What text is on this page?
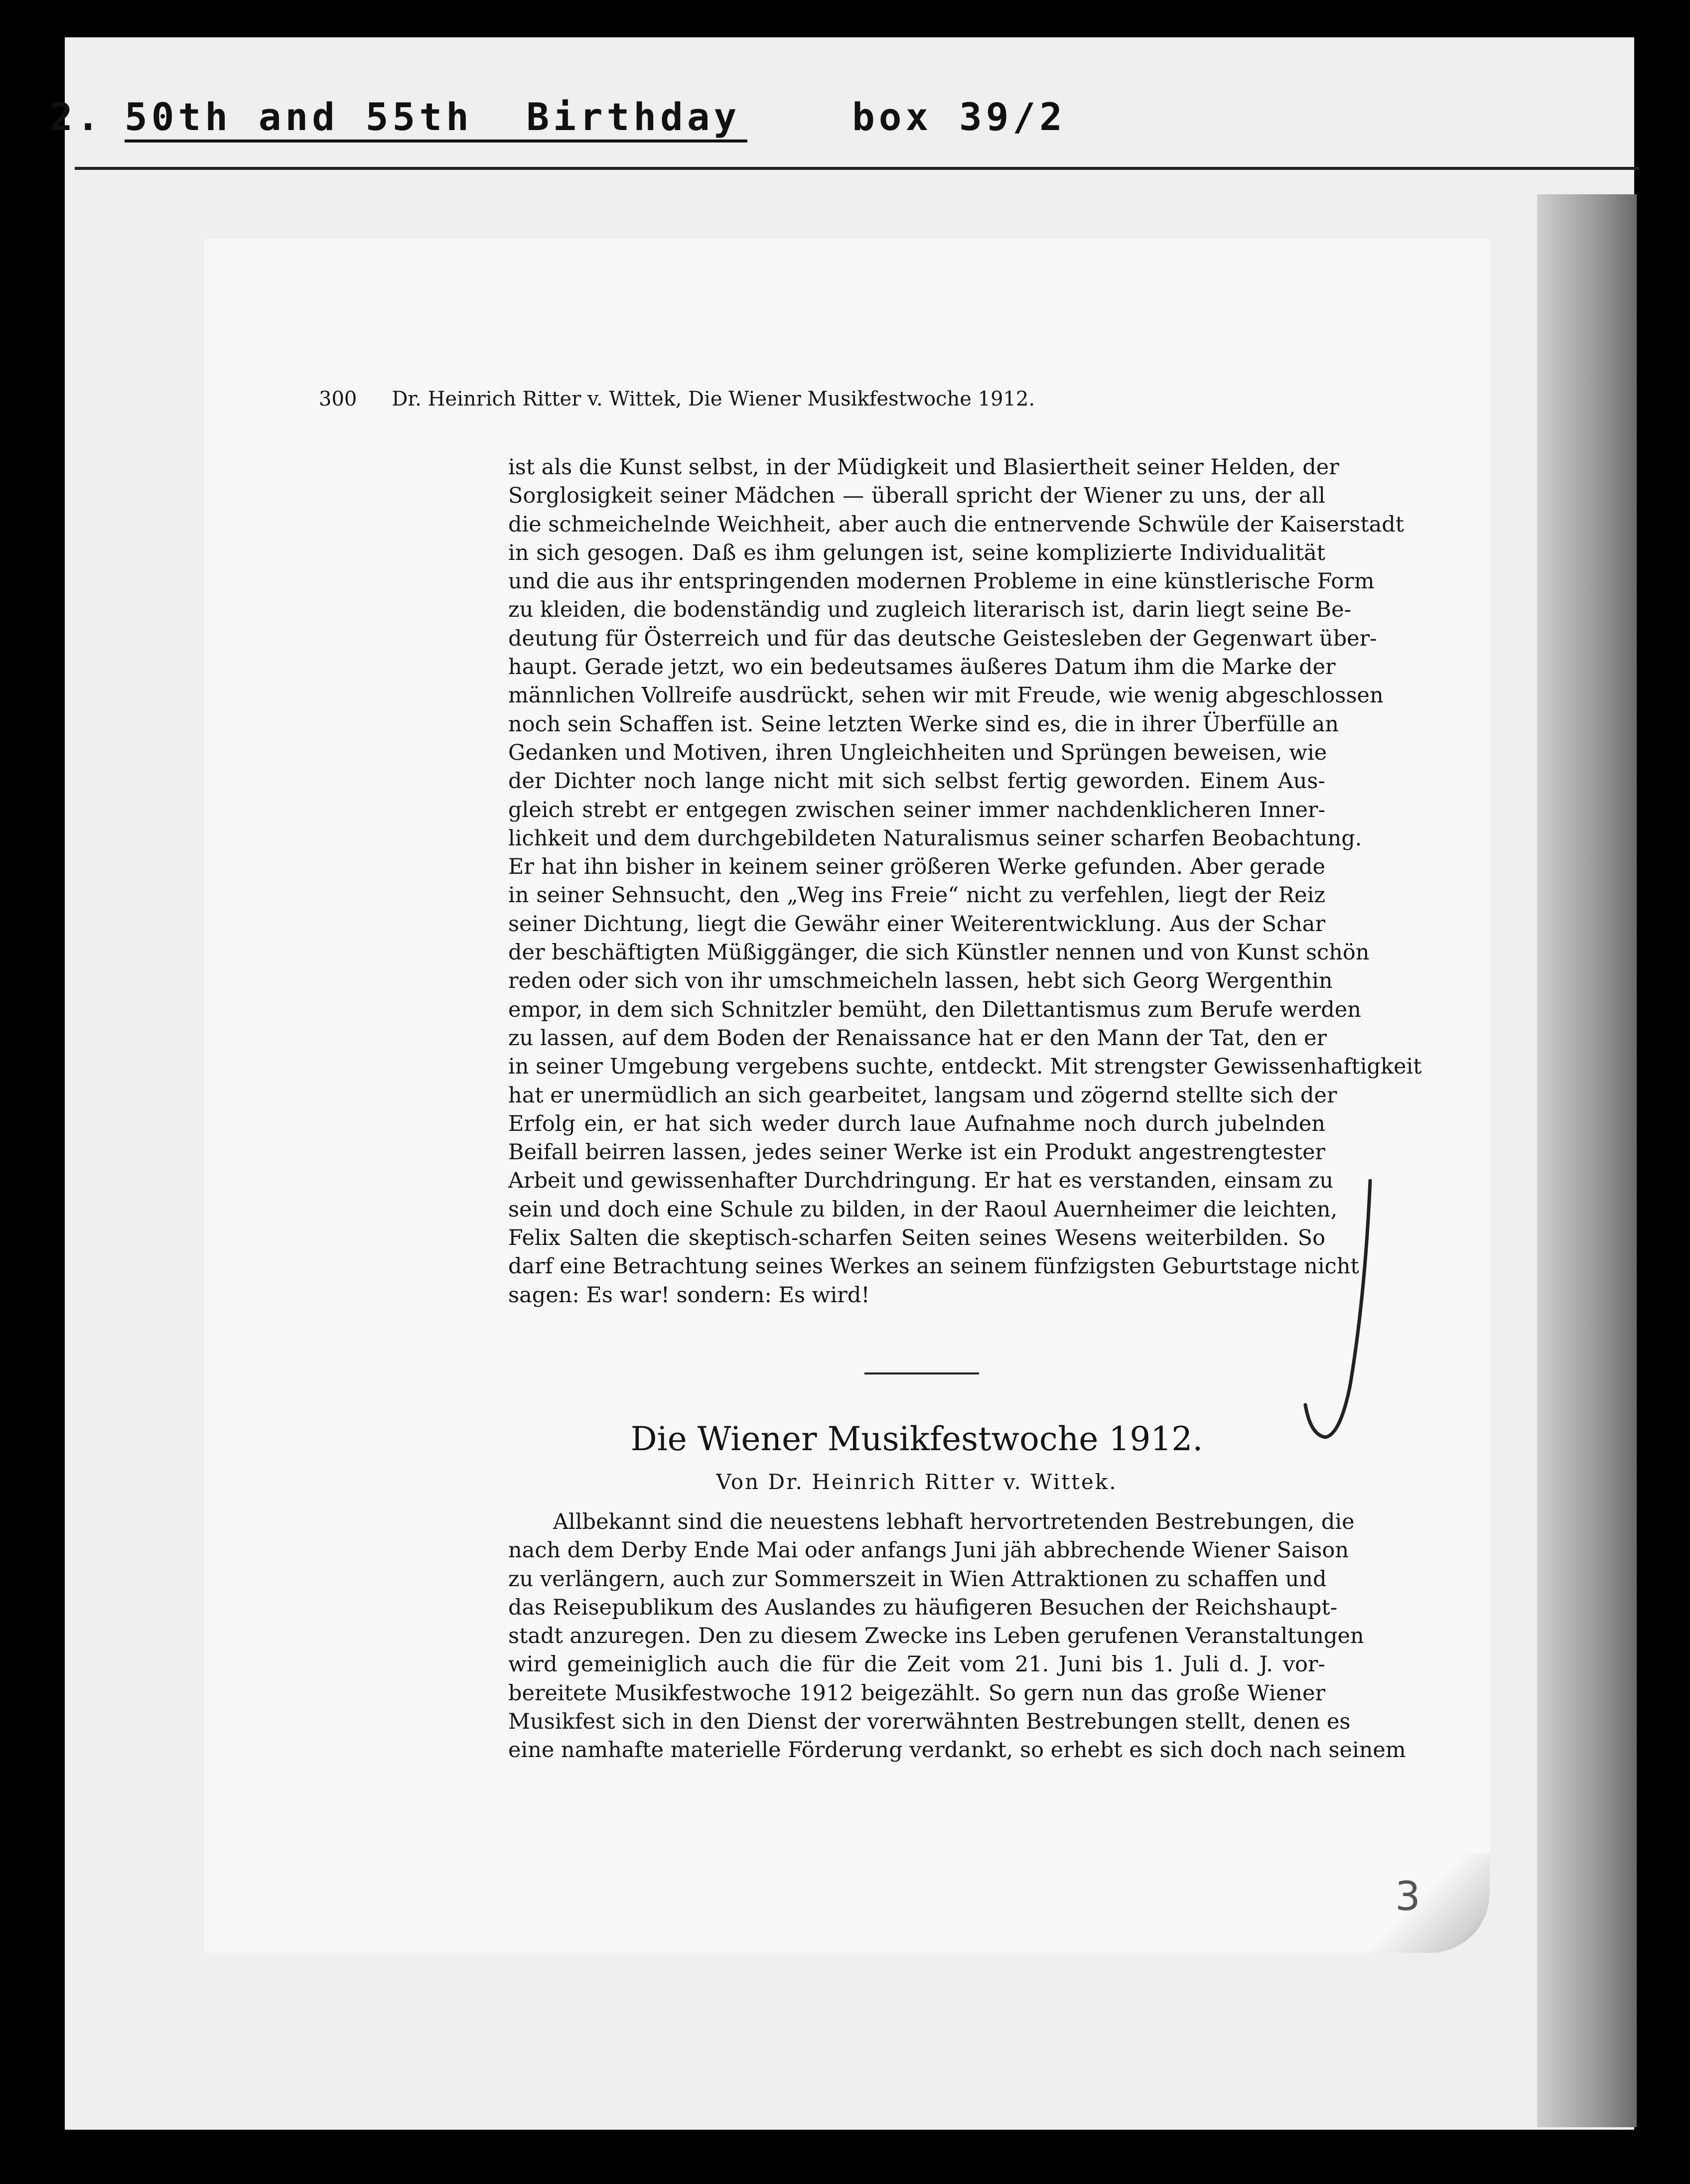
2. 50th and 55th  Birthday	box 39/2
300 Dr. Heinrich Ritter v. Wittek, Die Wiener Musikfestwoche 1912.
ist als die Kunst selbst, in der Müdigkeit und Blasiertheit seiner Helden, der
Sorglosigkeit seiner Mädchen — überall spricht der Wiener zu uns, der all
die schmeichelnde Weichheit, aber auch die entnervende Schwüle der Kaiserstadt
in sich gesogen. Daß es ihm gelungen ist, seine komplizierte Individualität
und die aus ihr entspringenden modernen Probleme in eine künstlerische Form
zu kleiden, die bodenständig und zugleich literarisch ist, darin liegt seine Be-
deutung für Österreich und für das deutsche Geistesleben der Gegenwart über-
haupt. Gerade jetzt, wo ein bedeutsames äußeres Datum ihm die Marke der
männlichen Vollreife ausdrückt, sehen wir mit Freude, wie wenig abgeschlossen
noch sein Schaffen ist. Seine letzten Werke sind es, die in ihrer Überfülle an
Gedanken und Motiven, ihren Ungleichheiten und Sprüngen beweisen, wie
der Dichter noch lange nicht mit sich selbst fertig geworden. Einem Aus-
gleich strebt er entgegen zwischen seiner immer nachdenklicheren Inner-
lichkeit und dem durchgebildeten Naturalismus seiner scharfen Beobachtung.
Er hat ihn bisher in keinem seiner größeren Werke gefunden. Aber gerade
in seiner Sehnsucht, den „Weg ins Freie“ nicht zu verfehlen, liegt der Reiz
seiner Dichtung, liegt die Gewähr einer Weiterentwicklung. Aus der Schar
der beschäftigten Müßiggänger, die sich Künstler nennen und von Kunst schön
reden oder sich von ihr umschmeicheln lassen, hebt sich Georg Wergenthin
empor, in dem sich Schnitzler bemüht, den Dilettantismus zum Berufe werden
zu lassen, auf dem Boden der Renaissance hat er den Mann der Tat, den er
in seiner Umgebung vergebens suchte, entdeckt. Mit strengster Gewissenhaftigkeit
hat er unermüdlich an sich gearbeitet, langsam und zögernd stellte sich der
Erfolg ein, er hat sich weder durch laue Aufnahme noch durch jubelnden
Beifall beirren lassen, jedes seiner Werke ist ein Produkt angestrengtester
Arbeit und gewissenhafter Durchdringung. Er hat es verstanden, einsam zu
sein und doch eine Schule zu bilden, in der Raoul Auernheimer die leichten,
Felix Salten die skeptisch-scharfen Seiten seines Wesens weiterbilden. So
darf eine Betrachtung seines Werkes an seinem fünfzigsten Geburtstage nicht
sagen: Es war! sondern: Es wird!
Die Wiener Musikfestwoche 1912.
Von Dr. Heinrich Ritter v. Wittek.
Allbekannt sind die neuestens lebhaft hervortretenden Bestrebungen, die
nach dem Derby Ende Mai oder anfangs Juni jäh abbrechende Wiener Saison
zu verlängern, auch zur Sommerszeit in Wien Attraktionen zu schaffen und
das Reisepublikum des Auslandes zu häufigeren Besuchen der Reichshaupt-
stadt anzuregen. Den zu diesem Zwecke ins Leben gerufenen Veranstaltungen
wird gemeiniglich auch die für die Zeit vom 21. Juni bis 1. Juli d. J. vor-
bereitete Musikfestwoche 1912 beigezählt. So gern nun das große Wiener
Musikfest sich in den Dienst der vorerwähnten Bestrebungen stellt, denen es
eine namhafte materielle Förderung verdankt, so erhebt es sich doch nach seinem
3
